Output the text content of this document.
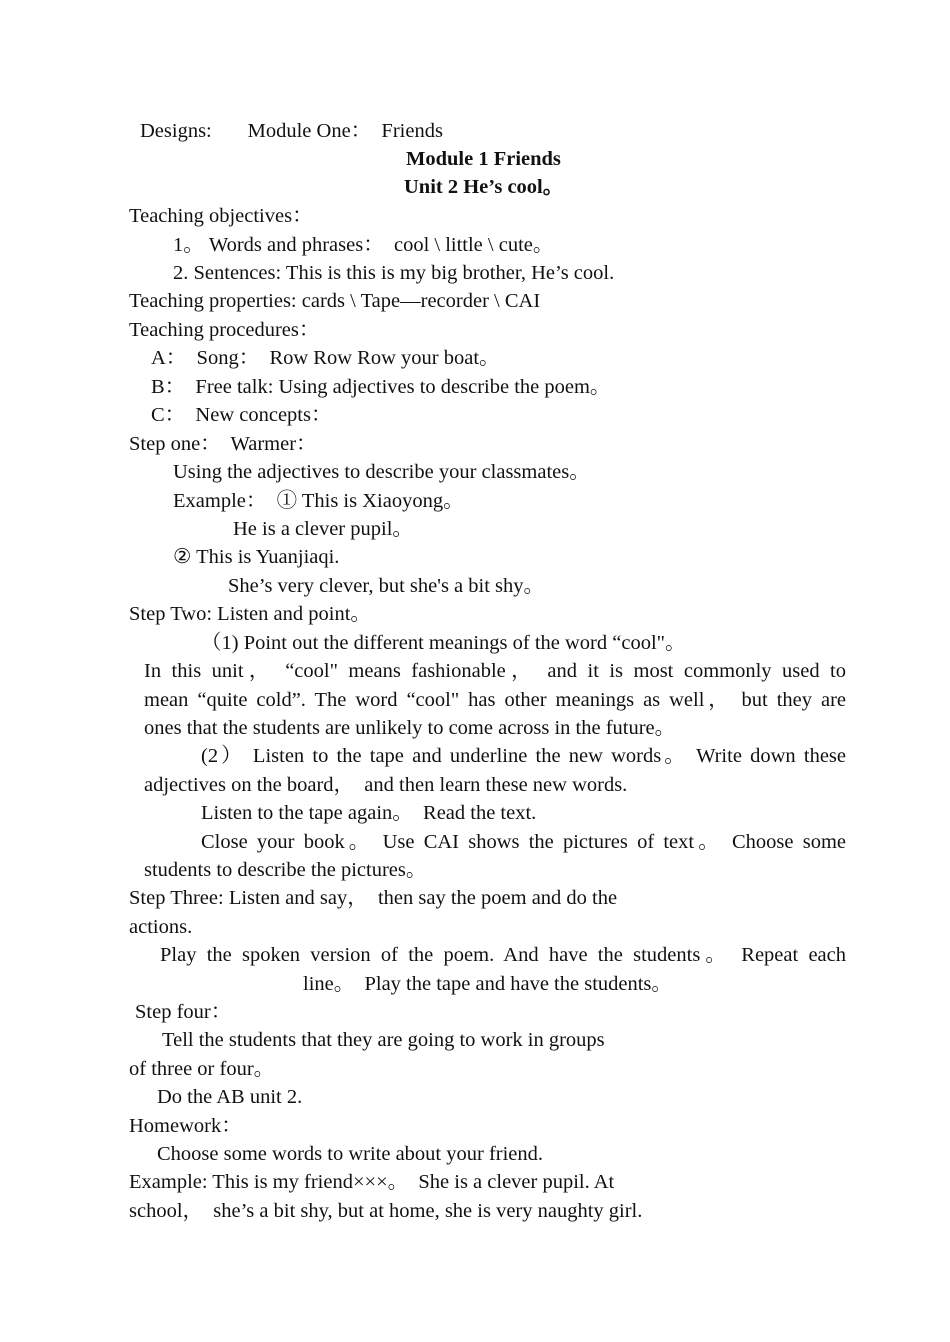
Designs:       Module One：  Friends
Module 1 Friends
Unit 2 He’s cool。
Teaching objectives：
1。 Words and phrases：  cool \ little \ cute。
2. Sentences: This is this is my big brother, He’s cool.
Teaching properties: cards \ Tape—recorder \ CAI
Teaching procedures：
A：  Song：  Row Row Row your boat。
B：  Free talk: Using adjectives to describe the poem。
C：  New concepts：
Step one：  Warmer：
Using the adjectives to describe your classmates。
Example：  ① This is Xiaoyong。
He is a clever pupil。
② This is Yuanjiaqi.
She’s very clever, but she's a bit shy。
Step Two: Listen and point。
（1) Point out the different meanings of the word “cool"。
In this unit， “cool" means fashionable， and it is most commonly used to
mean “quite cold”. The word “cool" has other meanings as well， but they are
ones that the students are unlikely to come across in the future。
(2） Listen to the tape and underline the new words。 Write down these
adjectives on the board，  and then learn these new words.
Listen to the tape again。  Read the text.
Close your book。 Use CAI shows the pictures of text。 Choose some
students to describe the pictures。
Step Three: Listen and say，  then say the poem and do the
actions.
Play the spoken version of the poem. And have the students。 Repeat each
line。  Play the tape and have the students。
Step four：
Tell the students that they are going to work in groups
of three or four。
Do the AB unit 2.
Homework：
Choose some words to write about your friend.
Example: This is my friend×××。  She is a clever pupil. At
school，  she’s a bit shy, but at home, she is very naughty girl.
